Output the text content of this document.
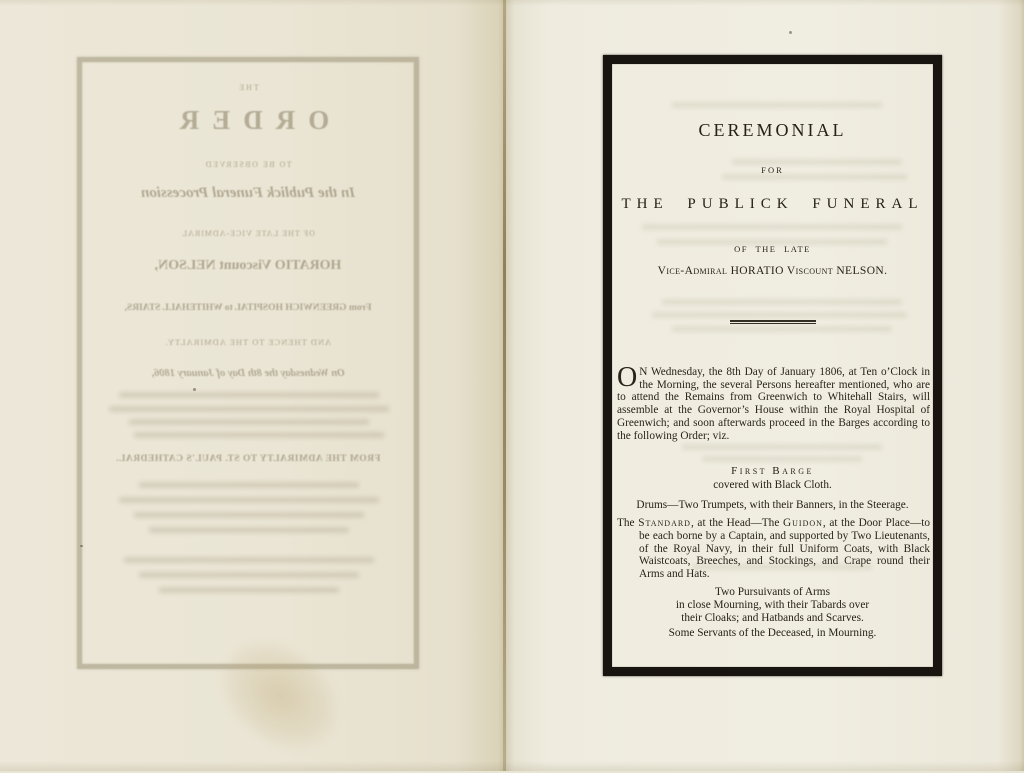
THE
ORDER
TO BE OBSERVED
In the Publick Funeral Procession
OF THE LATE VICE-ADMIRAL
HORATIO Viscount NELSON,
From GREENWICH HOSPITAL to WHITEHALL STAIRS,
AND THENCE TO THE ADMIRALTY.
On Wednesday the 8th Day of January 1806,
FROM THE ADMIRALTY TO ST. PAUL'S CATHEDRAL.
CEREMONIAL
FOR
THE PUBLICK FUNERAL
OF THE LATE
Vice-Admiral HORATIO Viscount NELSON.
O N Wednesday, the 8th Day of January 1806, at Ten o’Clock in the Morning, the several Persons hereafter mentioned, who are to attend the Remains from Greenwich to Whitehall Stairs, will assemble at the Governor’s House within the Royal Hospital of Greenwich; and soon afterwards proceed in the Barges according to the following Order; viz.
First Barge
covered with Black Cloth.
Drums—Two Trumpets, with their Banners, in the Steerage.
The Standard, at the Head—The Guidon, at the Door Place—to be each borne by a Captain, and supported by Two Lieutenants, of the Royal Navy, in their full Uniform Coats, with Black Waistcoats, Breeches, and Stockings, and Crape round their Arms and Hats.
Two Pursuivants of Arms
in close Mourning, with their Tabards over
their Cloaks; and Hatbands and Scarves.
Some Servants of the Deceased, in Mourning.
